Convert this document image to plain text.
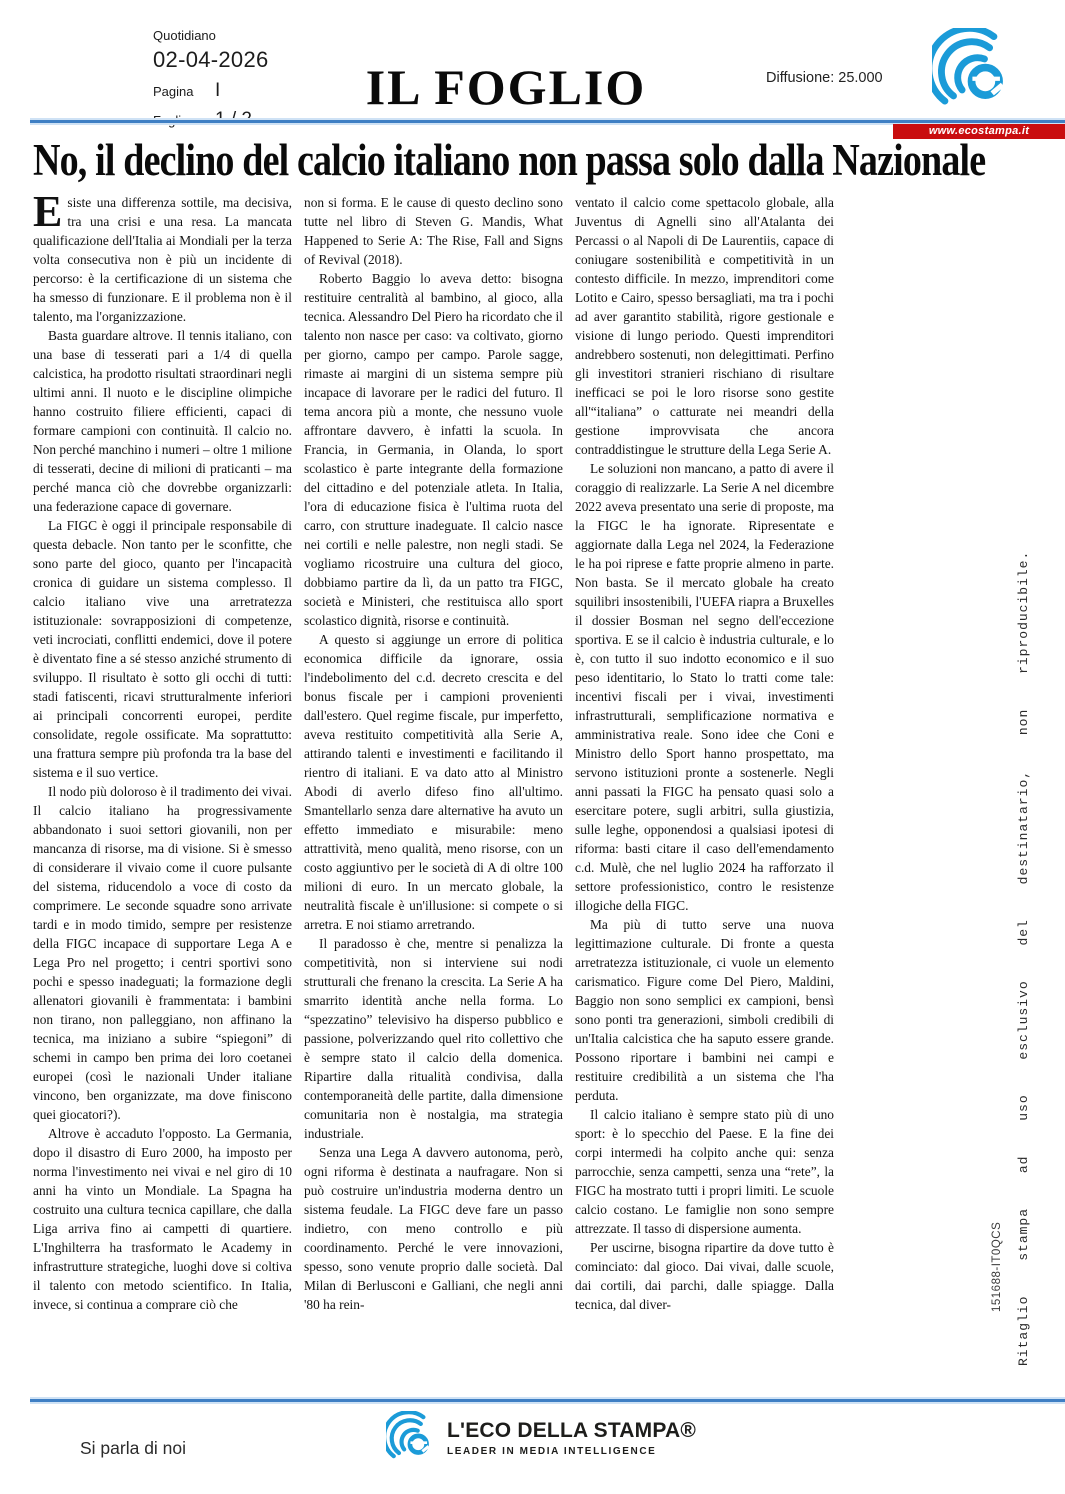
Quotidiano
02-04-2026
Pagina	I	IL FOGLIO	Diffusione: 25.000
www.ecostampa.it
No, il declino del calcio italiano non passa solo dalla Nazionale

Esiste una differenza sottile, ma decisiva, tra una crisi e una resa. La mancata qualificazione dell'Italia ai Mondiali per la terza volta consecutiva non è più un incidente di percorso: è la certificazione di un sistema che ha smesso di funzionare. E il problema non è il talento, ma l'organizzazione.

Basta guardare altrove. Il tennis italiano, con una base di tesserati pari a 1/4 di quella calcistica, ha prodotto risultati straordinari negli ultimi anni. Il nuoto e le discipline olimpiche hanno costruito filiere efficienti, capaci di formare campioni con continuità. Il calcio no. Non perché manchino i numeri – oltre 1 milione di tesserati, decine di milioni di praticanti – ma perché manca ciò che dovrebbe organizzarli: una federazione capace di governare.

La FIGC è oggi il principale responsabile di questa debacle. Non tanto per le sconfitte, che sono parte del gioco, quanto per l'incapacità cronica di guidare un sistema complesso. Il calcio italiano vive una arretratezza istituzionale: sovrapposizioni di competenze, veti incrociati, conflitti endemici, dove il potere è diventato fine a sé stesso anziché strumento di sviluppo. Il risultato è sotto gli occhi di tutti: stadi fatiscenti, ricavi strutturalmente inferiori ai principali concorrenti europei, perdite consolidate, regole ossificate. Ma soprattutto: una frattura sempre più profonda tra la base del sistema e il suo vertice.

Il nodo più doloroso è il tradimento dei vivai. Il calcio italiano ha progressivamente abbandonato i suoi settori giovanili, non per mancanza di risorse, ma di visione. Si è smesso di considerare il vivaio come il cuore pulsante del sistema, riducendolo a voce di costo da comprimere. Le seconde squadre sono arrivate tardi e in modo timido, sempre per resistenze della FIGC incapace di supportare Lega A e Lega Pro nel progetto; i centri sportivi sono pochi e spesso inadeguati; la formazione degli allenatori giovanili è frammentata: i bambini non tirano, non palleggiano, non affinano la tecnica, ma iniziano a subire “spiegoni” di schemi in campo ben prima dei loro coetanei europei (così le nazionali Under italiane vincono, ben organizzate, ma dove finiscono quei giocatori?).

Altrove è accaduto l'opposto. La Germania, dopo il disastro di Euro 2000, ha imposto per norma l'investimento nei vivai e nel giro di 10 anni ha vinto un Mondiale. La Spagna ha costruito una cultura tecnica capillare, che dalla Liga arriva fino ai campetti di quartiere. L'Inghilterra ha trasformato le Academy in infrastrutture strategiche, luoghi dove si coltiva il talento con metodo scientifico. In Italia, invece, si continua a comprare ciò che

non si forma. E le cause di questo declino sono tutte nel libro di Steven G. Mandis, What Happened to Serie A: The Rise, Fall and Signs of Revival (2018).

Roberto Baggio lo aveva detto: bisogna restituire centralità al bambino, al gioco, alla tecnica. Alessandro Del Piero ha ricordato che il talento non nasce per caso: va coltivato, giorno per giorno, campo per campo. Parole sagge, rimaste ai margini di un sistema sempre più incapace di lavorare per le radici del futuro. Il tema ancora più a monte, che nessuno vuole affrontare davvero, è infatti la scuola. In Francia, in Germania, in Olanda, lo sport scolastico è parte integrante della formazione del cittadino e del potenziale atleta. In Italia, l'ora di educazione fisica è l'ultima ruota del carro, con strutture inadeguate. Il calcio nasce nei cortili e nelle palestre, non negli stadi. Se vogliamo ricostruire una cultura del gioco, dobbiamo partire da lì, da un patto tra FIGC, società e Ministeri, che restituisca allo sport scolastico dignità, risorse e continuità.

A questo si aggiunge un errore di politica economica difficile da ignorare, ossia l'indebolimento del c.d. decreto crescita e del bonus fiscale per i campioni provenienti dall'estero. Quel regime fiscale, pur imperfetto, aveva restituito competitività alla Serie A, attirando talenti e investimenti e facilitando il rientro di italiani. E va dato atto al Ministro Abodi di averlo difeso fino all'ultimo. Smantellarlo senza dare alternative ha avuto un effetto immediato e misurabile: meno attrattività, meno qualità, meno risorse, con un costo aggiuntivo per le società di A di oltre 100 milioni di euro. In un mercato globale, la neutralità fiscale è un'illusione: si compete o si arretra. E noi stiamo arretrando.

Il paradosso è che, mentre si penalizza la competitività, non si interviene sui nodi strutturali che frenano la crescita. La Serie A ha smarrito identità anche nella forma. Lo “spezzatino” televisivo ha disperso pubblico e passione, polverizzando quel rito collettivo che è sempre stato il calcio della domenica. Ripartire dalla ritualità condivisa, dalla contemporaneità delle partite, dalla dimensione comunitaria non è nostalgia, ma strategia industriale.

Senza una Lega A davvero autonoma, però, ogni riforma è destinata a naufragare. Non si può costruire un'industria moderna dentro un sistema feudale. La FIGC deve fare un passo indietro, con meno controllo e più coordinamento. Perché le vere innovazioni, spesso, sono venute proprio dalle società. Dal Milan di Berlusconi e Galliani, che negli anni '80 ha rein-

ventato il calcio come spettacolo globale, alla Juventus di Agnelli sino all'Atalanta dei Percassi o al Napoli di De Laurentiis, capace di coniugare sostenibilità e competitività in un contesto difficile. In mezzo, imprenditori come Lotito e Cairo, spesso bersagliati, ma tra i pochi ad aver garantito stabilità, rigore gestionale e visione di lungo periodo. Questi imprenditori andrebbero sostenuti, non delegittimati. Perfino gli investitori stranieri rischiano di risultare inefficaci se poi le loro risorse sono gestite all'“italiana” o catturate nei meandri della gestione improvvisata che ancora contraddistingue le strutture della Lega Serie A.

Le soluzioni non mancano, a patto di avere il coraggio di realizzarle. La Serie A nel dicembre 2022 aveva presentato una serie di proposte, ma la FIGC le ha ignorate. Ripresentate e aggiornate dalla Lega nel 2024, la Federazione le ha poi riprese e fatte proprie almeno in parte. Non basta. Se il mercato globale ha creato squilibri insostenibili, l'UEFA riapra a Bruxelles il dossier Bosman nel segno dell'eccezione sportiva. E se il calcio è industria culturale, e lo è, con tutto il suo indotto economico e il suo peso identitario, lo Stato lo tratti come tale: incentivi fiscali per i vivai, investimenti infrastrutturali, semplificazione normativa e amministrativa reale. Sono idee che Coni e Ministro dello Sport hanno prospettato, ma servono istituzioni pronte a sostenerle. Negli anni passati la FIGC ha pensato quasi solo a esercitare potere, sugli arbitri, sulla giustizia, sulle leghe, opponendosi a qualsiasi ipotesi di riforma: basti citare il caso dell'emendamento c.d. Mulè, che nel luglio 2024 ha rafforzato il settore professionistico, contro le resistenze illogiche della FIGC.

Ma più di tutto serve una nuova legittimazione culturale. Di fronte a questa arretratezza istituzionale, ci vuole un elemento carismatico. Figure come Del Piero, Maldini, Baggio non sono semplici ex campioni, bensì sono ponti tra generazioni, simboli credibili di un'Italia calcistica che ha saputo essere grande. Possono riportare i bambini nei campi e restituire credibilità a un sistema che l'ha perduta.

Il calcio italiano è sempre stato più di uno sport: è lo specchio del Paese. E la fine dei corpi intermedi ha colpito anche qui: senza parrocchie, senza campetti, senza una “rete”, la FIGC ha mostrato tutti i propri limiti. Le scuole calcio costano. Le famiglie non sono sempre attrezzate. Il tasso di dispersione aumenta.

Per uscirne, bisogna ripartire da dove tutto è cominciato: dal gioco. Dai vivai, dalle scuole, dai cortili, dai parchi, dalle spiagge. Dalla tecnica, dal diver-	Ritaglio stampa ad uso esclusivo del destinatario, non riproducibile.
151688-IT0QCS
L'ECO DELLA STAMPA®
LEADER IN MEDIA INTELLIGENCE
Si parla di noi
